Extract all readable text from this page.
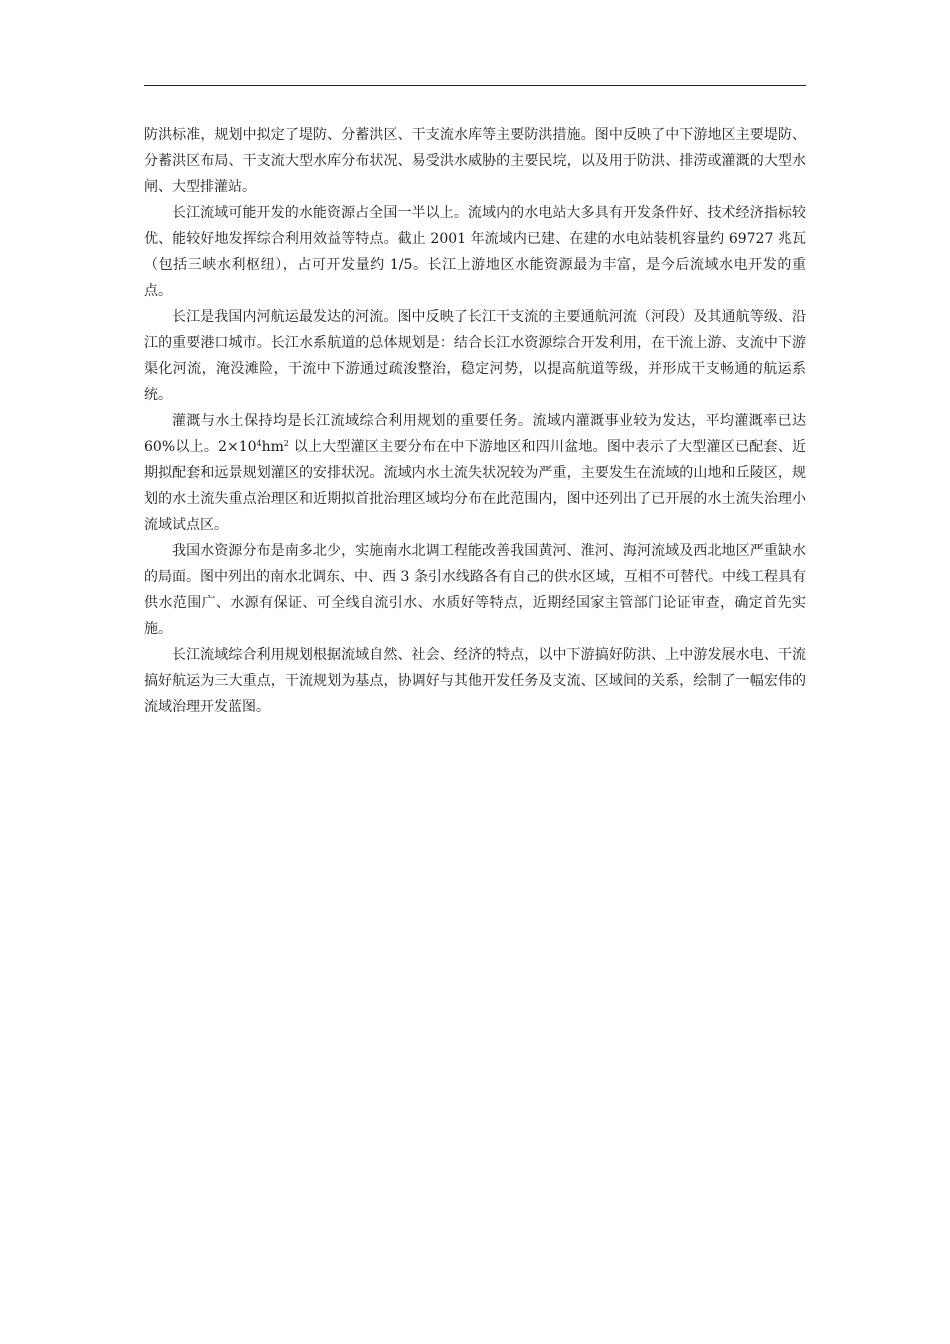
防洪标准，规划中拟定了堤防、分蓄洪区、干支流水库等主要防洪措施。图中反映了中下游地区主要堤防、分蓄洪区布局、干支流大型水库分布状况、易受洪水威胁的主要民垸，以及用于防洪、排涝或灌溉的大型水闸、大型排灌站。

长江流域可能开发的水能资源占全国一半以上。流域内的水电站大多具有开发条件好、技术经济指标较优、能较好地发挥综合利用效益等特点。截止 2001 年流域内已建、在建的水电站装机容量约 69727 兆瓦（包括三峡水利枢纽），占可开发量约 1/5。长江上游地区水能资源最为丰富，是今后流域水电开发的重点。

长江是我国内河航运最发达的河流。图中反映了长江干支流的主要通航河流（河段）及其通航等级、沿江的重要港口城市。长江水系航道的总体规划是：结合长江水资源综合开发利用，在干流上游、支流中下游渠化河流，淹没滩险，干流中下游通过疏浚整治，稳定河势，以提高航道等级，并形成干支畅通的航运系统。

灌溉与水土保持均是长江流域综合利用规划的重要任务。流域内灌溉事业较为发达，平均灌溉率已达 60%以上。$2\times 10^4hm^2$ 以上大型灌区主要分布在中下游地区和四川盆地。图中表示了大型灌区已配套、近期拟配套和远景规划灌区的安排状况。流域内水土流失状况较为严重，主要发生在流域的山地和丘陵区，规划的水土流失重点治理区和近期拟首批治理区域均分布在此范围内，图中还列出了已开展的水土流失治理小流域试点区。

我国水资源分布是南多北少，实施南水北调工程能改善我国黄河、淮河、海河流域及西北地区严重缺水的局面。图中列出的南水北调东、中、西 3 条引水线路各有自己的供水区域，互相不可替代。中线工程具有供水范围广、水源有保证、可全线自流引水、水质好等特点，近期经国家主管部门论证审查，确定首先实施。

长江流域综合利用规划根据流域自然、社会、经济的特点，以中下游搞好防洪、上中游发展水电、干流搞好航运为三大重点，干流规划为基点，协调好与其他开发任务及支流、区域间的关系，绘制了一幅宏伟的流域治理开发蓝图。
